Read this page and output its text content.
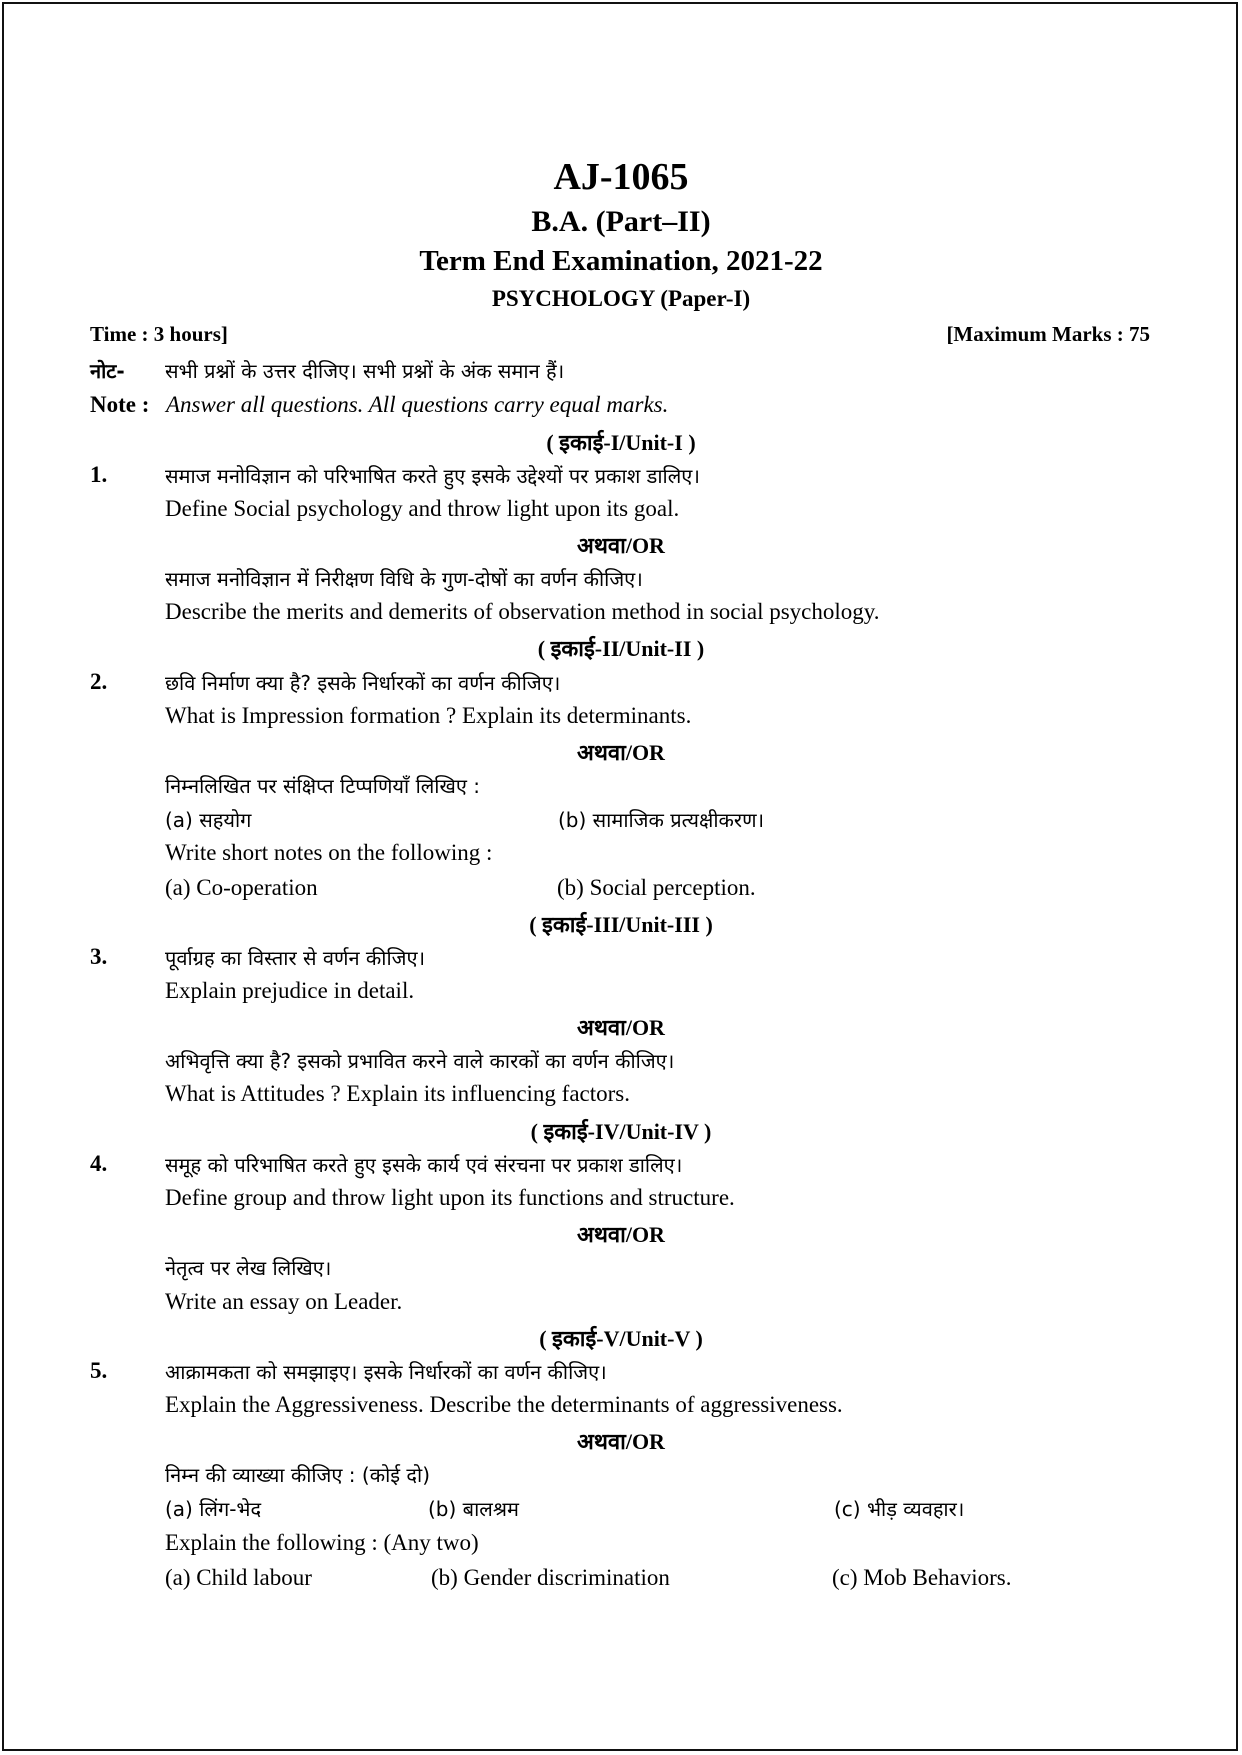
AJ-1065
B.A. (Part–II)
Term End Examination, 2021-22
PSYCHOLOGY (Paper-I)
Time : 3 hours]	[Maximum Marks : 75
नोट- सभी प्रश्नों के उत्तर दीजिए। सभी प्रश्नों के अंक समान हैं।
Note : Answer all questions. All questions carry equal marks.
( इकाई-I/Unit-I )
1.	समाज मनोविज्ञान को परिभाषित करते हुए इसके उद्देश्यों पर प्रकाश डालिए।
Define Social psychology and throw light upon its goal.
अथवा/OR
समाज मनोविज्ञान में निरीक्षण विधि के गुण-दोषों का वर्णन कीजिए।
Describe the merits and demerits of observation method in social psychology.
( इकाई-II/Unit-II )
2.	छवि निर्माण क्या है? इसके निर्धारकों का वर्णन कीजिए।
What is Impression formation ? Explain its determinants.
अथवा/OR
निम्नलिखित पर संक्षिप्त टिप्पणियाँ लिखिए :
(a) सहयोग	(b) सामाजिक प्रत्यक्षीकरण।
Write short notes on the following :
(a) Co-operation	(b) Social perception.
( इकाई-III/Unit-III )
3.	पूर्वाग्रह का विस्तार से वर्णन कीजिए।
Explain prejudice in detail.
अथवा/OR
अभिवृत्ति क्या है? इसको प्रभावित करने वाले कारकों का वर्णन कीजिए।
What is Attitudes ? Explain its influencing factors.
( इकाई-IV/Unit-IV )
4.	समूह को परिभाषित करते हुए इसके कार्य एवं संरचना पर प्रकाश डालिए।
Define group and throw light upon its functions and structure.
अथवा/OR
नेतृत्व पर लेख लिखिए।
Write an essay on Leader.
( इकाई-V/Unit-V )
5.	आक्रामकता को समझाइए। इसके निर्धारकों का वर्णन कीजिए।
Explain the Aggressiveness. Describe the determinants of aggressiveness.
अथवा/OR
निम्न की व्याख्या कीजिए : (कोई दो)
(a) लिंग-भेद	(b) बालश्रम	(c) भीड़ व्यवहार।
Explain the following : (Any two)
(a) Child labour	(b) Gender discrimination	(c) Mob Behaviors.
